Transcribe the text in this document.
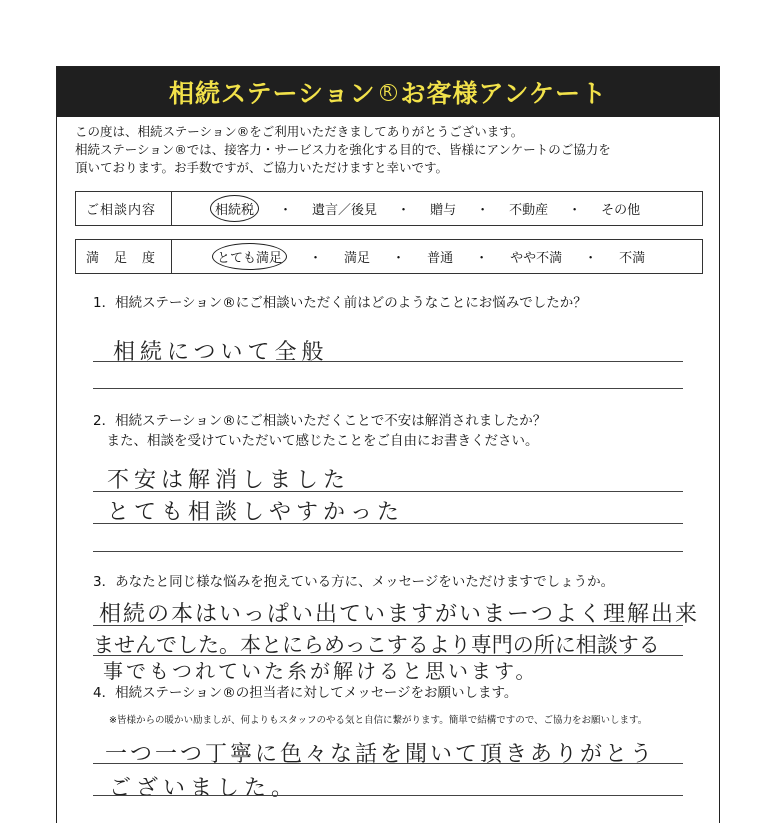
相続ステーション R お客様アンケート
この度は、相続ステーション®をご利用いただきましてありがとうございます。
相続ステーション®では、接客力・サービス力を強化する目的で、皆様にアンケートのご協力を
頂いております。お手数ですが、ご協力いただけますと幸いです。
ご相談内容	相続税	・ 遺言／後見 ・ 贈与 ・ 不動産 ・ その他
満　足　度	とても満足	・ 満足 ・ 普通 ・ やや不満 ・ 不満
1．相続ステーション®にご相談いただく前はどのようなことにお悩みでしたか？
相続について全般
2．相続ステーション®にご相談いただくことで不安は解消されましたか？
　また、相談を受けていただいて感じたことをご自由にお書きください。
不安は解消しました
とても相談しやすかった
3．あなたと同じ様な悩みを抱えている方に、メッセージをいただけますでしょうか。
相続の本はいっぱい出ていますがいまーつよく理解出来
ませんでした。本とにらめっこするより専門の所に相談する
事でもつれていた糸が解けると思います。
4．相続ステーション®の担当者に対してメッセージをお願いします。
※皆様からの暖かい励ましが、何よりもスタッフのやる気と自信に繋がります。簡単で結構ですので、ご協力をお願いします。
一つ一つ丁寧に色々な話を聞いて頂きありがとう
ございました。
